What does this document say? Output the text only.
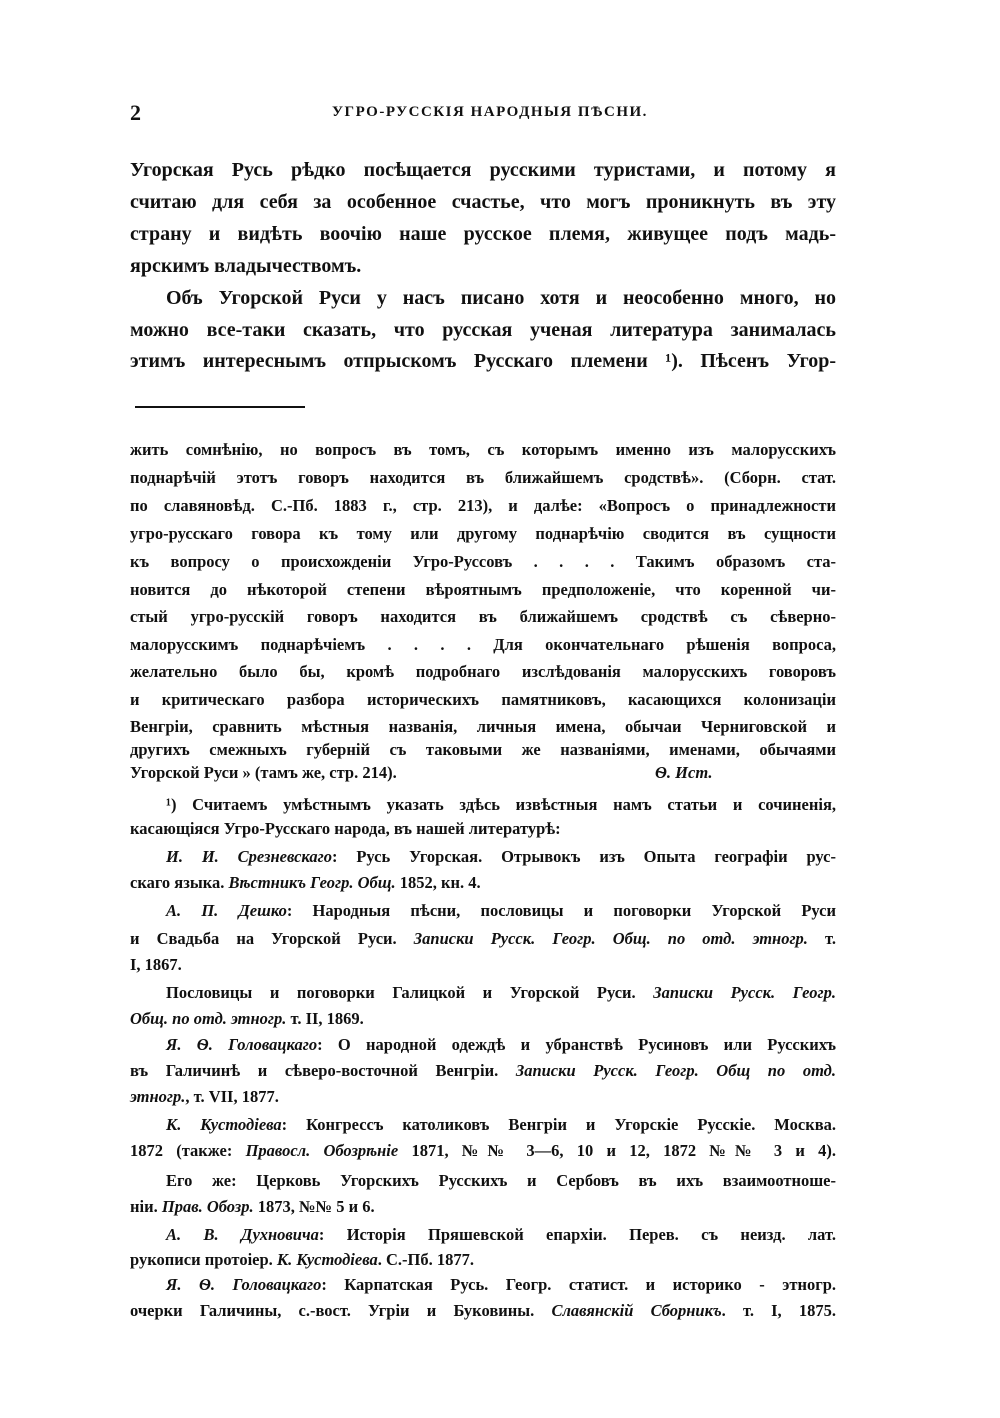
2	УГРО-РУССКІЯ НАРОДНЫЯ ПѢСНИ.
Угорская Русь рѣдко посѣщается русскими туристами, и потому я
считаю для себя за особенное счастье, что могъ проникнуть въ эту
страну и видѣть воочію наше русское племя, живущее подъ мадь-
ярскимъ владычествомъ.
Объ Угорской Руси у насъ писано хотя и неособенно много, но
можно все-таки сказать, что русская ученая литература занималась
этимъ интереснымъ отпрыскомъ Русскаго племени ¹). Пѣсенъ Угор-
жить сомнѣнію, но вопросъ въ томъ, съ которымъ именно изъ малорусскихъ
поднарѣчій этотъ говоръ находится въ ближайшемъ сродствѣ». (Сборн. стат.
по славяновѣд. С.-Пб. 1883 г., стр. 213), и далѣе: «Вопросъ о принадлежности
угро-русскаго говора къ тому или другому поднарѣчію сводится въ сущности
къ вопросу о происхожденіи Угро-Руссовъ . . . . Такимъ образомъ ста-
новится до нѣкоторой степени вѣроятнымъ предположеніе, что коренной чи-
стый угро-русскій говоръ находится въ ближайшемъ сродствѣ съ сѣверно-
малорусскимъ поднарѣчіемъ . . . . Для окончательнаго рѣшенія вопроса,
желательно было бы, кромѣ подробнаго изслѣдованія малорусскихъ говоровъ
и критическаго разбора историческихъ памятниковъ, касающихся колонизаціи
Венгріи, сравнить мѣстныя названія, личныя имена, обычаи Черниговской и
другихъ смежныхъ губерній съ таковыми же названіями, именами, обычаями
Угорской Руси » (тамъ же, стр. 214).	Ѳ. Ист.
¹) Считаемъ умѣстнымъ указать здѣсь извѣстныя намъ статьи и сочиненія,
касающіяся Угро-Русскаго народа, въ нашей литературѣ:
И. И. Срезневскаго: Русь Угорская. Отрывокъ изъ Опыта географіи рус-
скаго языка. Вѣстникъ Геогр. Общ. 1852, кн. 4.
А. П. Дешко: Народныя пѣсни, пословицы и поговорки Угорской Руси
и Свадьба на Угорской Руси. Записки Русск. Геогр. Общ. по отд. этногр. т.
I, 1867.
Пословицы и поговорки Галицкой и Угорской Руси. Записки Русск. Геогр.
Общ. по отд. этногр. т. II, 1869.
Я. Ѳ. Головацкаго: О народной одеждѣ и убранствѣ Русиновъ или Русскихъ
въ Галичинѣ и сѣверо-восточной Венгріи. Записки Русск. Геогр. Общ по отд.
этногр., т. VII, 1877.
К. Кустодіева: Конгрессъ католиковъ Венгріи и Угорскіе Русскіе. Москва.
1872 (также: Правосл. Обозрѣніе 1871, №№ 3—6, 10 и 12, 1872 №№ 3 и 4).
Его же: Церковь Угорскихъ Русскихъ и Сербовъ въ ихъ взаимоотноше-
ніи. Прав. Обозр. 1873, №№ 5 и 6.
А. В. Духновича: Исторія Пряшевской епархіи. Перев. съ неизд. лат.
рукописи протоіер. К. Кустодіева. С.-Пб. 1877.
Я. Ѳ. Головацкаго: Карпатская Русь. Геогр. статист. и историко - этногр.
очерки Галичины, с.-вост. Угріи и Буковины. Славянскій Сборникъ. т. I, 1875.
